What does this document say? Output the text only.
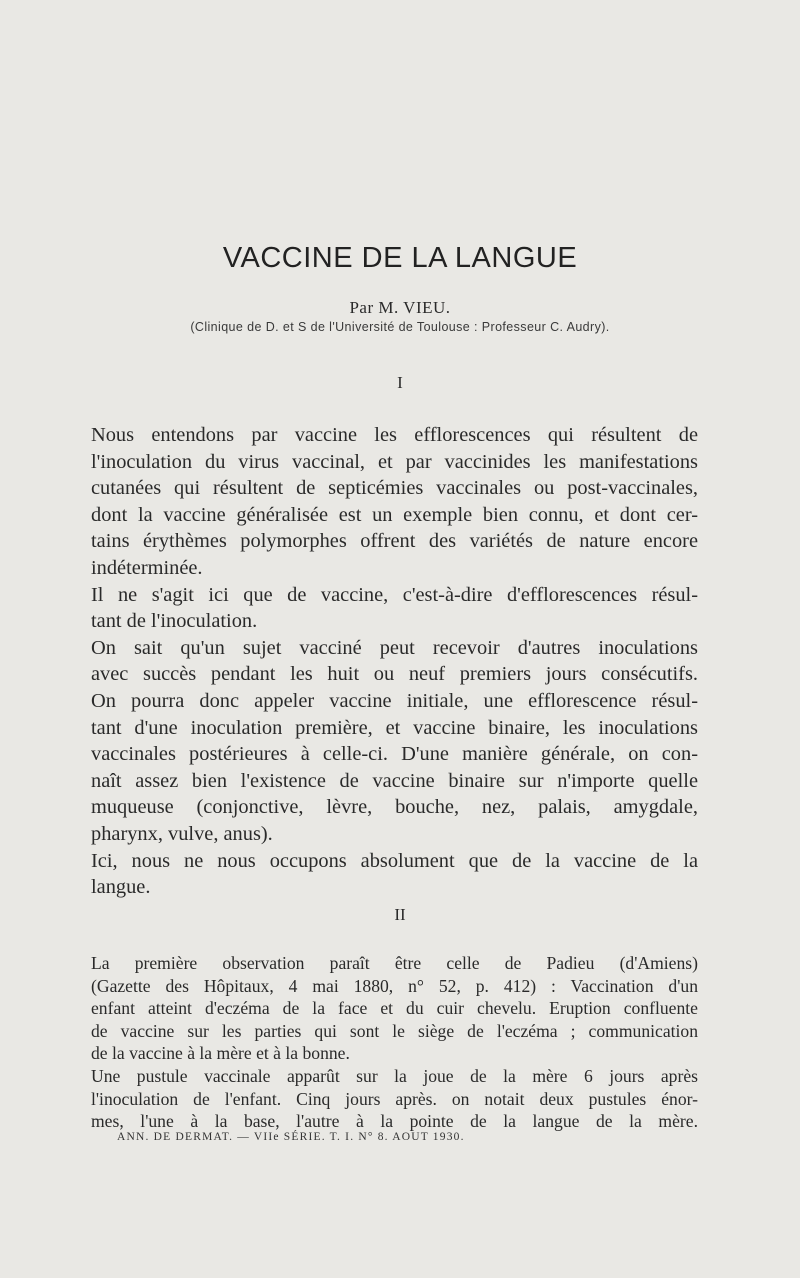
VACCINE DE LA LANGUE
Par M. VIEU.
(Clinique de D. et S de l'Université de Toulouse : Professeur C. Audry).
I
Nous entendons par vaccine les efflorescences qui résultent de
l'inoculation du virus vaccinal, et par vaccinides les manifestations
cutanées qui résultent de septicémies vaccinales ou post-vaccinales,
dont la vaccine généralisée est un exemple bien connu, et dont cer-
tains érythèmes polymorphes offrent des variétés de nature encore
indéterminée.
Il ne s'agit ici que de vaccine, c'est-à-dire d'efflorescences résul-
tant de l'inoculation.
On sait qu'un sujet vacciné peut recevoir d'autres inoculations
avec succès pendant les huit ou neuf premiers jours consécutifs.
On pourra donc appeler vaccine initiale, une efflorescence résul-
tant d'une inoculation première, et vaccine binaire, les inoculations
vaccinales postérieures à celle-ci. D'une manière générale, on con-
naît assez bien l'existence de vaccine binaire sur n'importe quelle
muqueuse (conjonctive, lèvre, bouche, nez, palais, amygdale,
pharynx, vulve, anus).
Ici, nous ne nous occupons absolument que de la vaccine de la
langue.
II
La première observation paraît être celle de Padieu (d'Amiens)
(Gazette des Hôpitaux, 4 mai 1880, n° 52, p. 412) : Vaccination d'un
enfant atteint d'eczéma de la face et du cuir chevelu. Eruption confluente
de vaccine sur les parties qui sont le siège de l'eczéma ; communication
de la vaccine à la mère et à la bonne.
Une pustule vaccinale apparût sur la joue de la mère 6 jours après
l'inoculation de l'enfant. Cinq jours après. on notait deux pustules énor-
mes, l'une à la base, l'autre à la pointe de la langue de la mère.
ANN. DE DERMAT. — VIIe SÉRIE. T. I. N° 8. AOUT 1930.
